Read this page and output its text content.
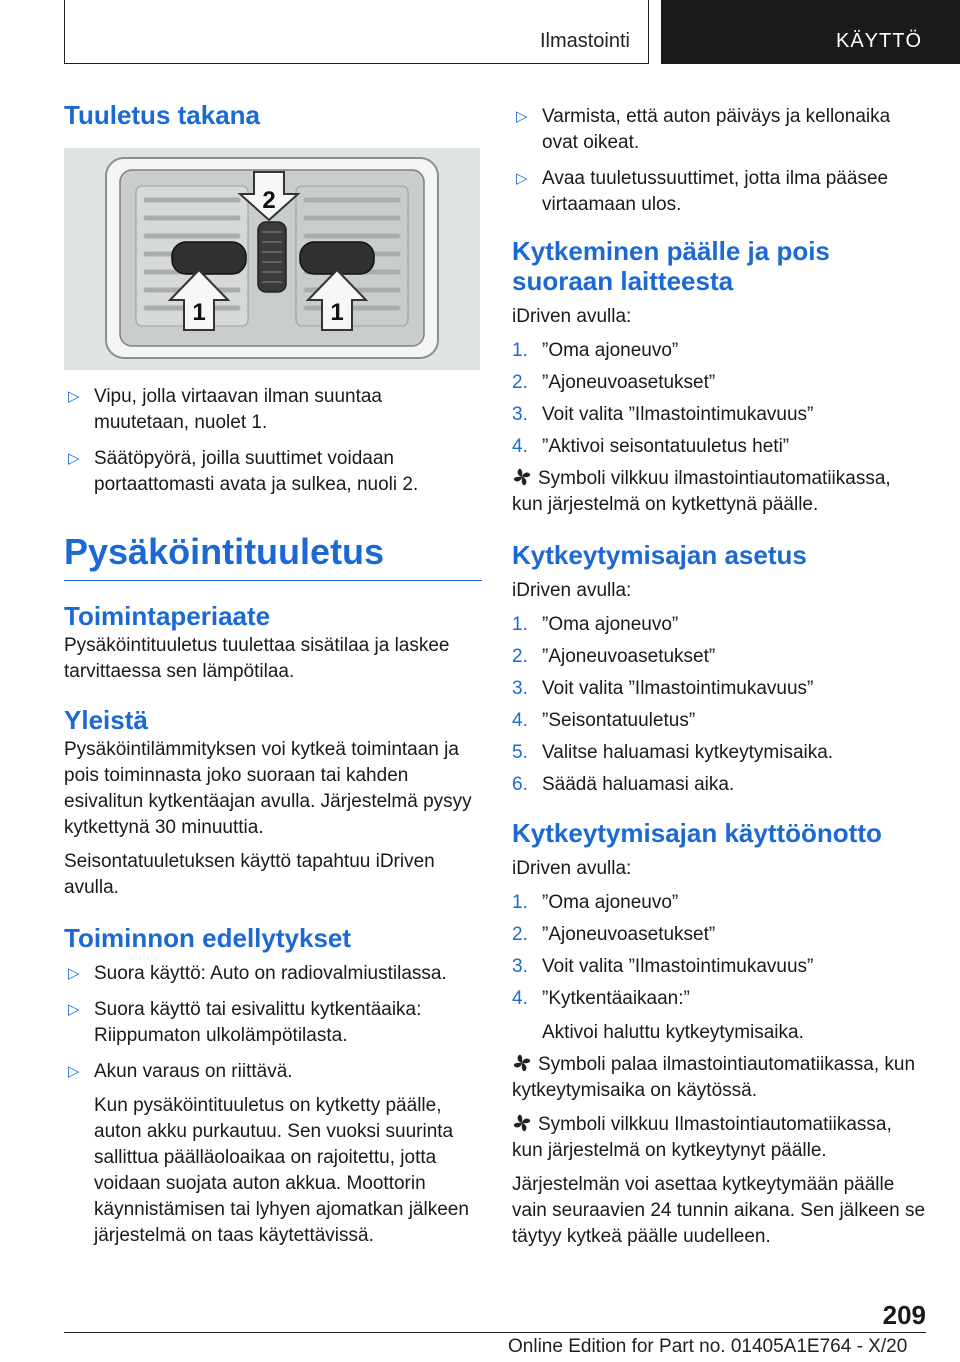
Ilmastointi	KÄYTTÖ
Tuuletus takana
2
1	1
▷ Vipu, jolla virtaavan ilman suuntaa muutetaan, nuolet 1.
▷ Säätöpyörä, joilla suuttimet voidaan portaattomasti avata ja sulkea, nuoli 2.
Pysäköintituuletus
Toimintaperiaate

Pysäköintituuletus tuulettaa sisätilaa ja laskee tarvittaessa sen lämpötilaa.

Yleistä

Pysäköintilämmityksen voi kytkeä toimintaan ja pois toiminnasta joko suoraan tai kahden esivalitun kytkentäajan avulla. Järjestelmä pysyy kytkettynä 30 minuuttia.

Seisontatuuletuksen käyttö tapahtuu iDriven avulla.

Toiminnon edellytykset
▷ Suora käyttö: Auto on radiovalmiustilassa.
▷ Suora käyttö tai esivalittu kytkentäaika: Riippumaton ulkolämpötilasta.
▷ Akun varaus on riittävä.

Kun pysäköintituuletus on kytketty päälle, auton akku purkautuu. Sen vuoksi suurinta sallittua päälläoloaikaa on rajoitettu, jotta voidaan suojata auton akkua. Moottorin käynnistämisen tai lyhyen ajomatkan jälkeen järjestelmä on taas käytettävissä.

▷ Varmista, että auton päiväys ja kellonaika ovat oikeat.
▷ Avaa tuuletussuuttimet, jotta ilma pääsee virtaamaan ulos.
Kytkeminen päälle ja pois suoraan laitteesta

iDriven avulla:

1. ”Oma ajoneuvo”
2. ”Ajoneuvoasetukset”
3. Voit valita ”Ilmastointimukavuus”
4. ”Aktivoi seisontatuuletus heti”

Symboli vilkkuu ilmastointiautomatiikassa, kun järjestelmä on kytkettynä päälle.

Kytkeytymisajan asetus

iDriven avulla:

1. ”Oma ajoneuvo”
2. ”Ajoneuvoasetukset”
3. Voit valita ”Ilmastointimukavuus”
4. ”Seisontatuuletus”
5. Valitse haluamasi kytkeytymisaika.
6. Säädä haluamasi aika.
Kytkeytymisajan käyttöönotto

iDriven avulla:

1. ”Oma ajoneuvo”
2. ”Ajoneuvoasetukset”
3. Voit valita ”Ilmastointimukavuus”
4. ”Kytkentäaikaan:”

Aktivoi haluttu kytkeytymisaika.

Symboli palaa ilmastointiautomatiikassa, kun kytkeytymisaika on käytössä.

Symboli vilkkuu Ilmastointiautomatiikassa, kun järjestelmä on kytkeytynyt päälle.

Järjestelmän voi asettaa kytkeytymään päälle vain seuraavien 24 tunnin aikana. Sen jälkeen se täytyy kytkeä päälle uudelleen.

209
Online Edition for Part no. 01405A1E764 - X/20
